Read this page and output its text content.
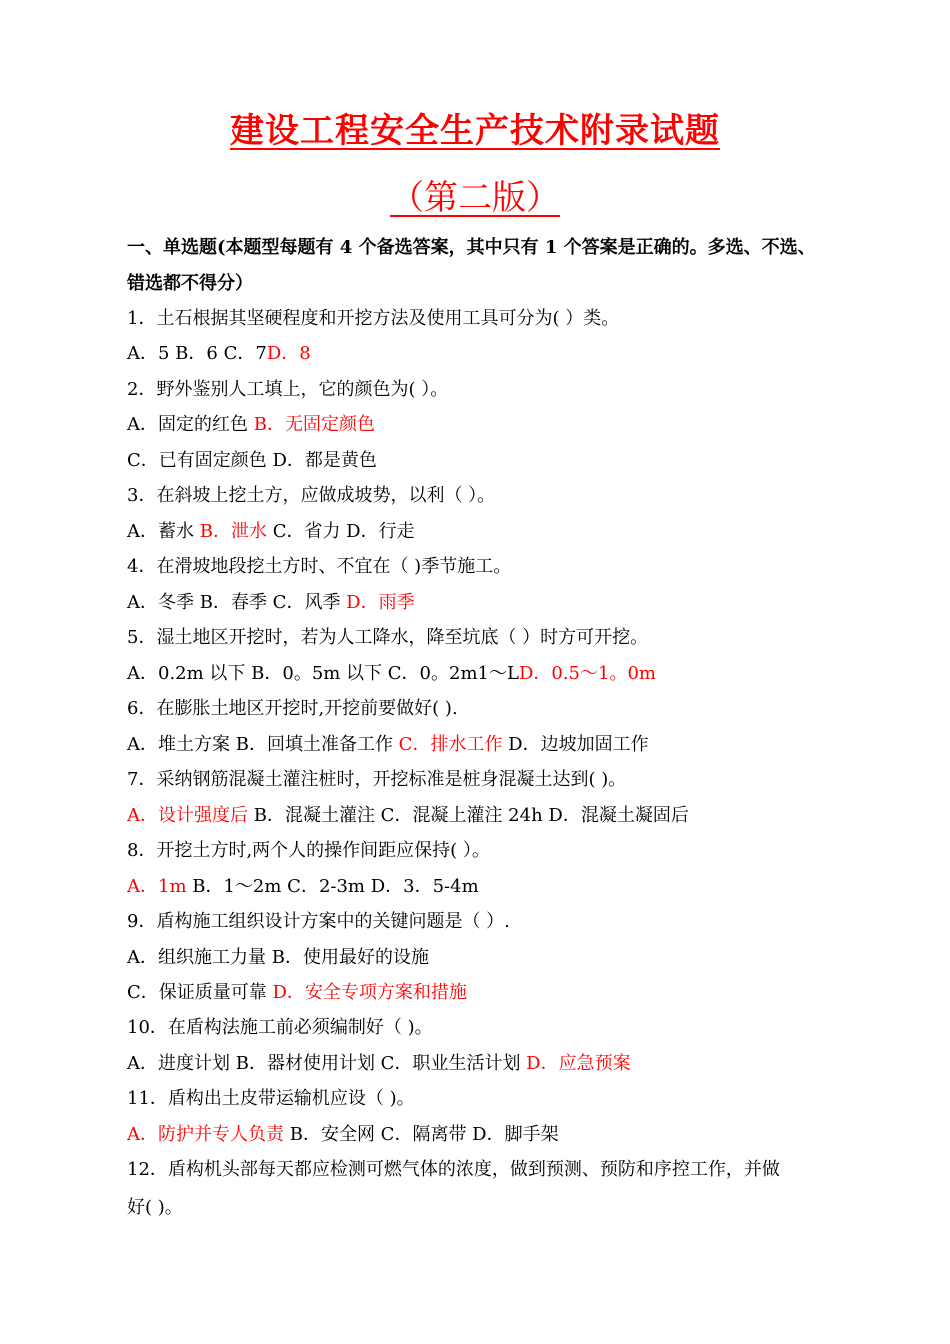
建设工程安全生产技术附录试题
（第二版）
一、单选题(本题型每题有 4 个备选答案，其中只有 1 个答案是正确的。多选、不选、
错选都不得分）
1．土石根据其坚硬程度和开挖方法及使用工具可分为( ）类。
A．5 B．6 C．7D．8
2．野外鉴别人工填上，它的颜色为( ）。
A．固定的红色 B．无固定颜色
C．已有固定颜色 D．都是黄色
3．在斜坡上挖土方，应做成坡势，以利（ ）。
A．蓄水 B．泄水 C．省力 D．行走
4．在滑坡地段挖土方时、不宜在（ )季节施工。
A．冬季 B．春季 C．风季 D．雨季
5．湿土地区开挖时，若为人工降水，降至坑底（ ）时方可开挖。
A．0.2m 以下 B．0。5m 以下 C．0。2m1～LD．0.5～1。0m
6．在膨胀土地区开挖时,开挖前要做好( ).
A．堆土方案 B．回填土准备工作 C．排水工作 D．边坡加固工作
7．采纳钢筋混凝土灌注桩时，开挖标准是桩身混凝土达到( )。
A．设计强度后 B．混凝土灌注 C．混凝上灌注 24h D．混凝土凝固后
8．开挖土方时,两个人的操作间距应保持( ）。
A．1m B．1～2m C．2-3m D．3．5-4m
9．盾构施工组织设计方案中的关键问题是（ ）.
A．组织施工力量 B．使用最好的设施
C．保证质量可靠 D．安全专项方案和措施
10．在盾构法施工前必须编制好（ )。
A．进度计划 B．器材使用计划 C．职业生活计划 D．应急预案
11．盾构出土皮带运输机应设（ )。
A．防护并专人负责 B．安全网 C．隔离带 D．脚手架
12．盾构机头部每天都应检测可燃气体的浓度，做到预测、预防和序控工作，并做
好( )。
